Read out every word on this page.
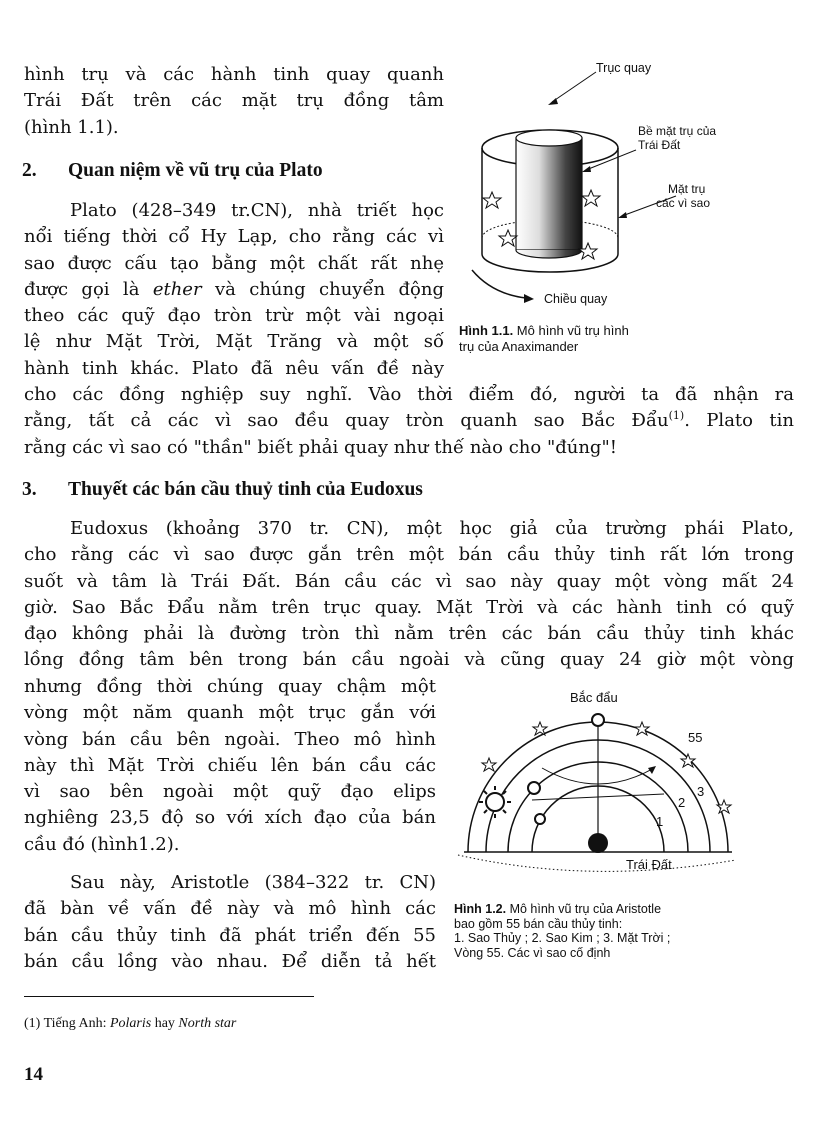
hình trụ và các hành tinh quay quanh
Trái Đất trên các mặt trụ đồng tâm
(hình 1.1).
2. Quan niệm về vũ trụ của Plato
Plato (428–349 tr.CN), nhà triết học
nổi tiếng thời cổ Hy Lạp, cho rằng các vì
sao được cấu tạo bằng một chất rất nhẹ
được gọi là ether và chúng chuyển động
theo các quỹ đạo tròn trừ một vài ngoại
lệ như Mặt Trời, Mặt Trăng và một số
hành tinh khác. Plato đã nêu vấn đề này
cho các đồng nghiệp suy nghĩ. Vào thời điểm đó, người ta đã nhận ra
rằng, tất cả các vì sao đều quay tròn quanh sao Bắc Đẩu$^{(1)}$. Plato tin
rằng các vì sao có "thần" biết phải quay như thế nào cho "đúng"!
3. Thuyết các bán cầu thuỷ tinh của Eudoxus
Eudoxus (khoảng 370 tr. CN), một học giả của trường phái Plato,
cho rằng các vì sao được gắn trên một bán cầu thủy tinh rất lớn trong
suốt và tâm là Trái Đất. Bán cầu các vì sao này quay một vòng mất 24
giờ. Sao Bắc Đẩu nằm trên trục quay. Mặt Trời và các hành tinh có quỹ
đạo không phải là đường tròn thì nằm trên các bán cầu thủy tinh khác
lồng đồng tâm bên trong bán cầu ngoài và cũng quay 24 giờ một vòng
nhưng đồng thời chúng quay chậm một
vòng một năm quanh một trục gắn với
vòng bán cầu bên ngoài. Theo mô hình
này thì Mặt Trời chiếu lên bán cầu các
vì sao bên ngoài một quỹ đạo elips
nghiêng 23,5 độ so với xích đạo của bán
cầu đó (hình1.2).
Sau này, Aristotle (384–322 tr. CN)
đã bàn về vấn đề này và mô hình các
bán cầu thủy tinh đã phát triển đến 55
bán cầu lồng vào nhau. Để diễn tả hết
Trục quay
Bề mặt trụ của Trái Đất
Mặt trụ các vì sao
Chiều quay
Hình 1.1. Mô hình vũ trụ hình
trụ của Anaximander
Bắc đẩu
Trái Đất
55
3
2
1
Hình 1.2. Mô hình vũ trụ của Aristotle
bao gồm 55 bán cầu thủy tinh:
1. Sao Thủy ; 2. Sao Kim ; 3. Mặt Trời ;
Vòng 55. Các vì sao cố định
(1) Tiếng Anh: Polaris hay North star
14
